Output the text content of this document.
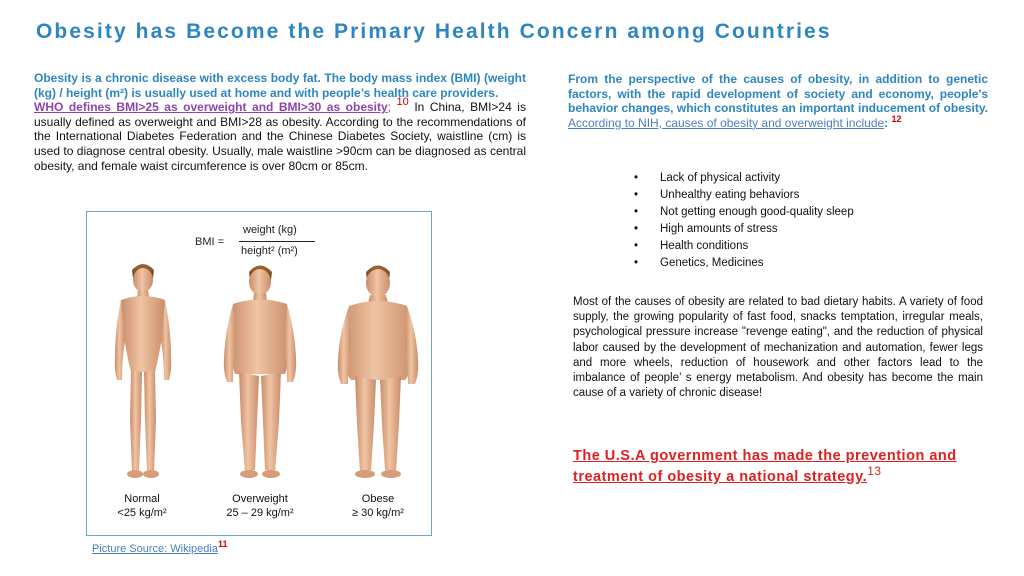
Obesity has Become the Primary Health Concern among Countries
Obesity is a chronic disease with excess body fat. The body mass index (BMI) (weight (kg) / height (m²) is usually used at home and with people’s health care providers.
WHO defines BMI>25 as overweight and BMI>30 as obesity; 10 In China, BMI>24 is usually defined as overweight and BMI>28 as obesity. According to the recommendations of the International Diabetes Federation and the Chinese Diabetes Society, waistline (cm) is used to diagnose central obesity. Usually, male waistline >90cm can be diagnosed as central obesity, and female waist circumference is over 80cm or 85cm.
BMI =
weight (kg)
height² (m²)
Normal
<25 kg/m²
Overweight
25 – 29 kg/m²
Obese
≥ 30 kg/m²
Picture Source: Wikipedia11
From the perspective of the causes of obesity, in addition to genetic factors, with the rapid development of society and economy, people's behavior changes, which constitutes an important inducement of obesity. According to NIH, causes of obesity and overweight include: $^{12}$
• Lack of physical activity
• Unhealthy eating behaviors
• Not getting enough good-quality sleep
• High amounts of stress
• Health conditions
• Genetics, Medicines
Most of the causes of obesity are related to bad dietary habits. A variety of food supply, the growing popularity of fast food, snacks temptation, irregular meals, psychological pressure increase "revenge eating", and the reduction of physical labor caused by the development of mechanization and automation, fewer legs and more wheels, reduction of housework and other factors lead to the imbalance of people’ s energy metabolism. And obesity has become the main cause of a variety of chronic disease!
The U.S.A government has made the prevention and treatment of obesity a national strategy.$^{13}$
